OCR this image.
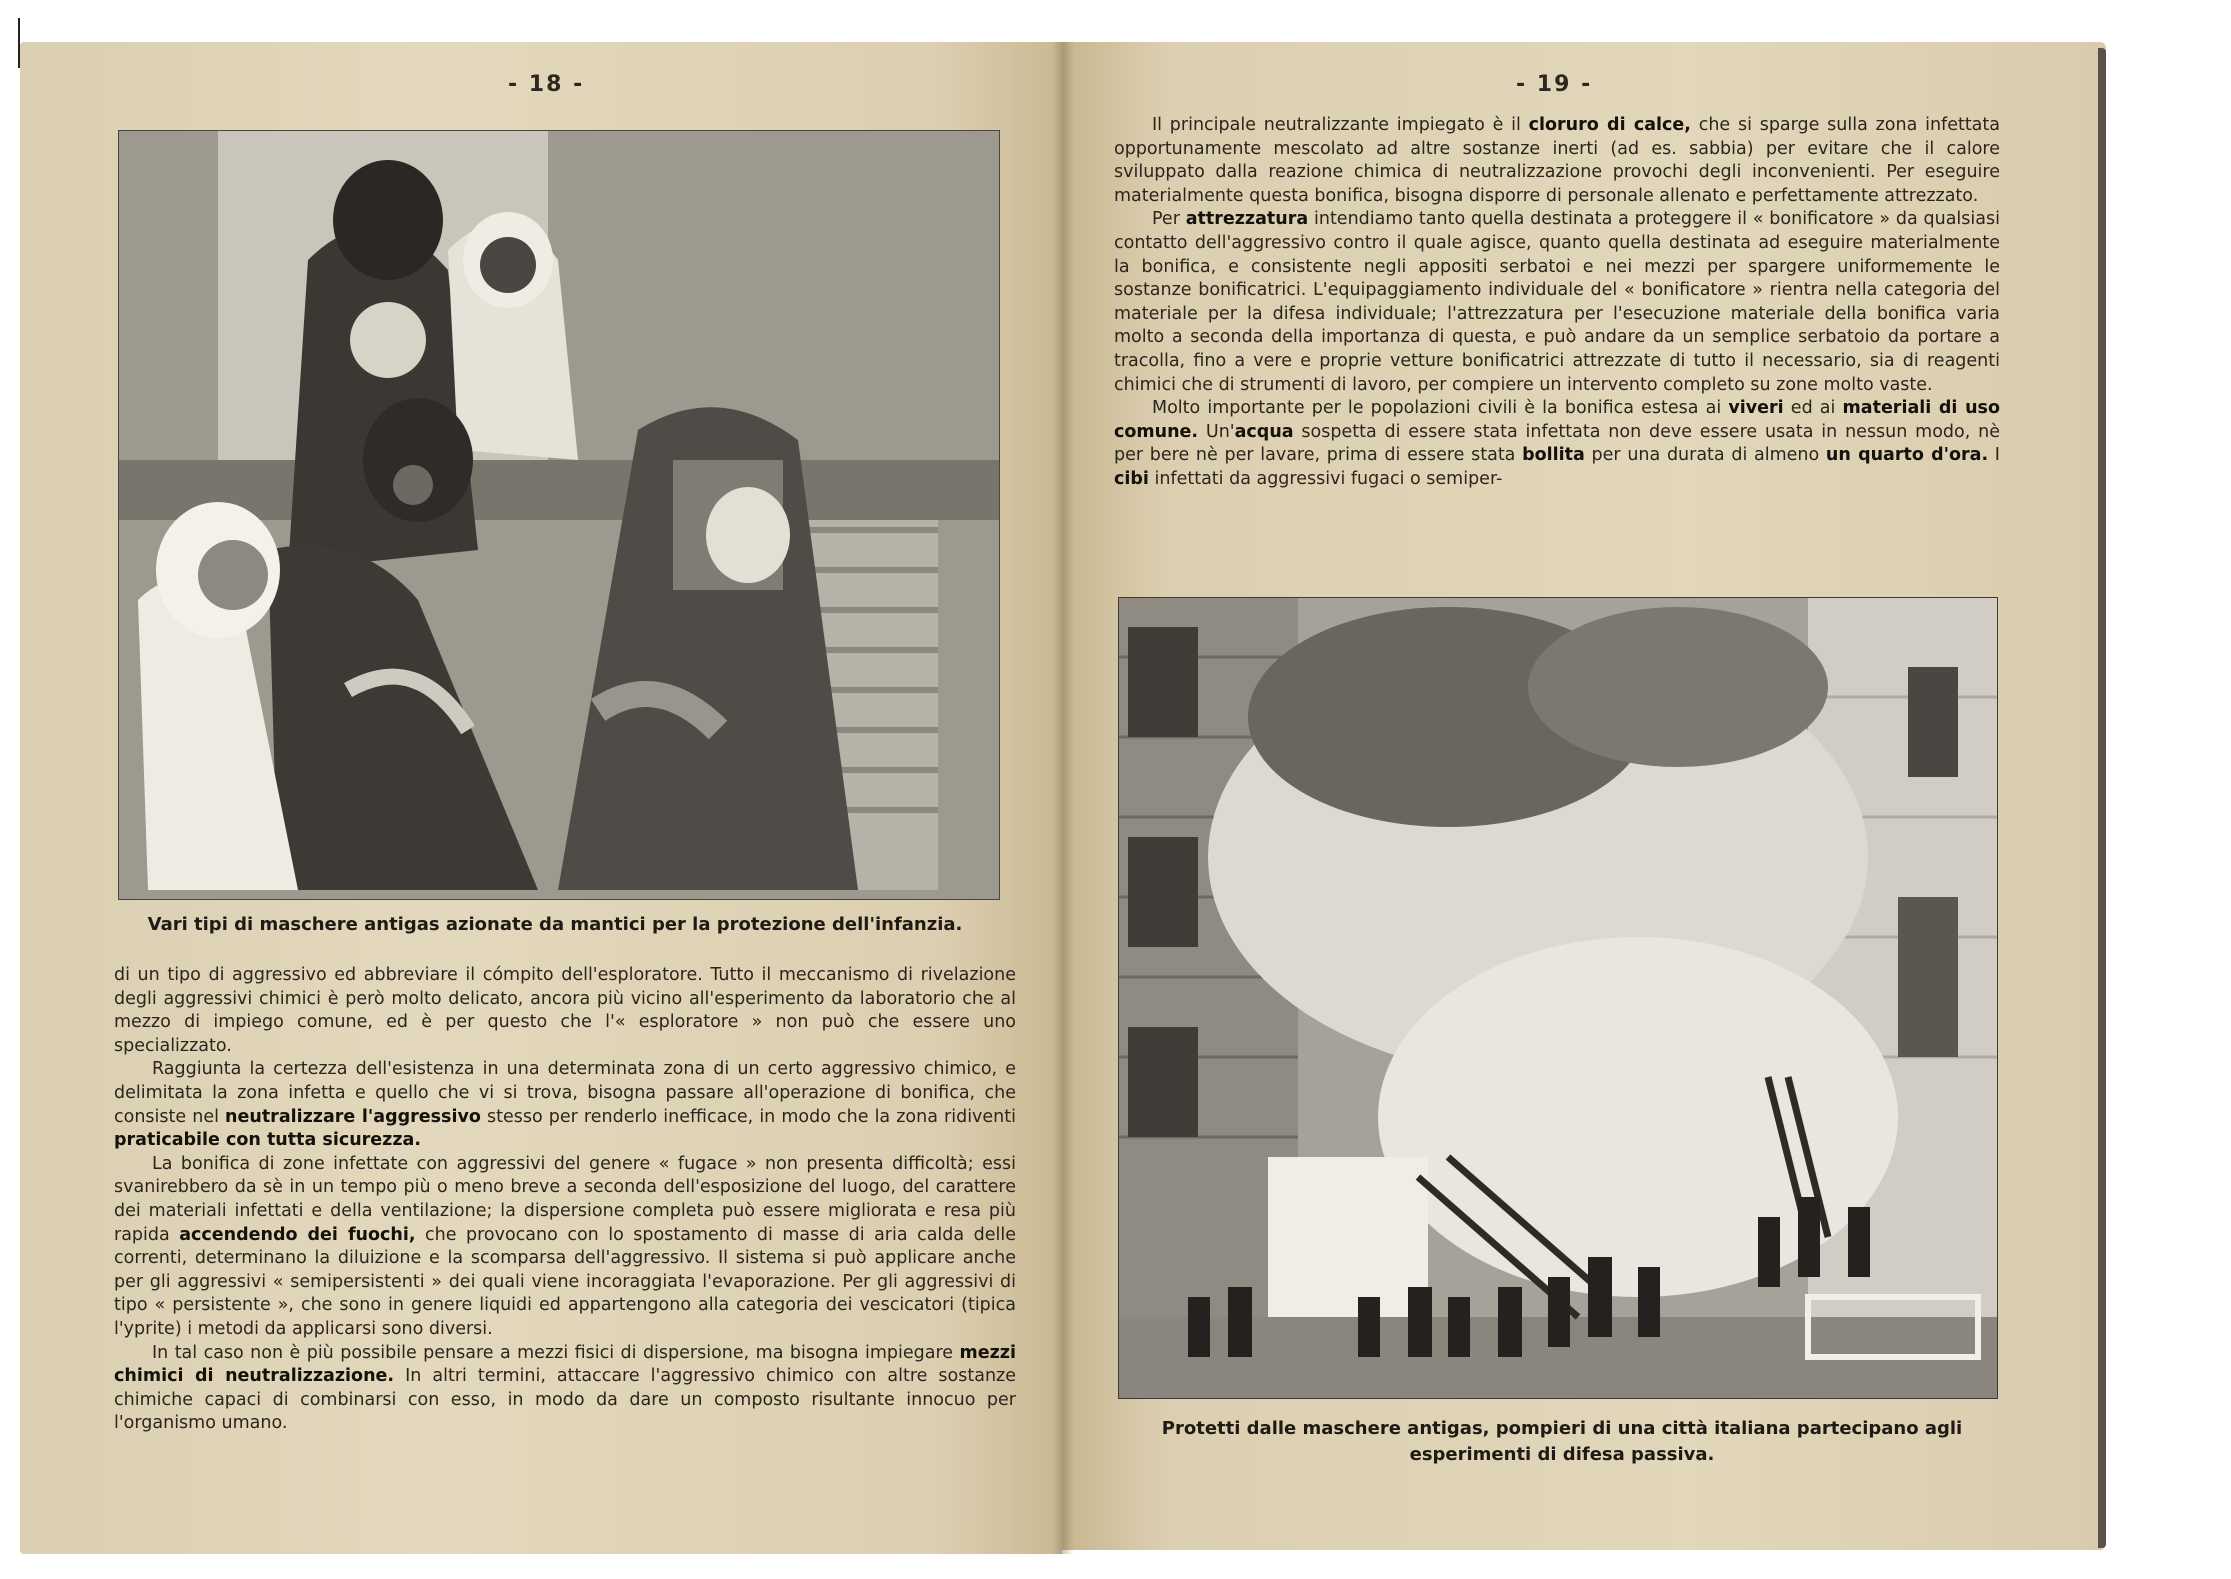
- 18 -
Vari tipi di maschere antigas azionate da mantici per la protezione dell'infanzia.

di un tipo di aggressivo ed abbreviare il cómpito dell'esploratore. Tutto il meccanismo di rivelazione degli aggressivi chimici è però molto delicato, ancora più vicino all'esperimento da laboratorio che al mezzo di impiego comune, ed è per questo che l'« esploratore » non può che essere uno specializzato.

Raggiunta la certezza dell'esistenza in una determinata zona di un certo aggressivo chimico, e delimitata la zona infetta e quello che vi si trova, bisogna passare all'operazione di bonifica, che consiste nel neutralizzare l'aggressivo stesso per renderlo inefficace, in modo che la zona ridiventi praticabile con tutta sicurezza.

La bonifica di zone infettate con aggressivi del genere « fugace » non presenta difficoltà; essi svanirebbero da sè in un tempo più o meno breve a seconda dell'esposizione del luogo, del carattere dei materiali infettati e della ventilazione; la dispersione completa può essere migliorata e resa più rapida accendendo dei fuochi, che provocano con lo spostamento di masse di aria calda delle correnti, determinano la diluizione e la scomparsa dell'aggressivo. Il sistema si può applicare anche per gli aggressivi « semipersistenti » dei quali viene incoraggiata l'evaporazione. Per gli aggressivi di tipo « persistente », che sono in genere liquidi ed appartengono alla categoria dei vescicatori (tipica l'yprite) i metodi da applicarsi sono diversi.

In tal caso non è più possibile pensare a mezzi fisici di dispersione, ma bisogna impiegare mezzi chimici di neutralizzazione. In altri termini, attaccare l'aggressivo chimico con altre sostanze chimiche capaci di combinarsi con esso, in modo da dare un composto risultante innocuo per l'organismo umano.

- 19 -

Il principale neutralizzante impiegato è il cloruro di calce, che si sparge sulla zona infettata opportunamente mescolato ad altre sostanze inerti (ad es. sabbia) per evitare che il calore sviluppato dalla reazione chimica di neutralizzazione provochi degli inconvenienti. Per eseguire materialmente questa bonifica, bisogna disporre di personale allenato e perfettamente attrezzato.

Per attrezzatura intendiamo tanto quella destinata a proteggere il « bonificatore » da qualsiasi contatto dell'aggressivo contro il quale agisce, quanto quella destinata ad eseguire materialmente la bonifica, e consistente negli appositi serbatoi e nei mezzi per spargere uniformemente le sostanze bonificatrici. L'equipaggiamento individuale del « bonificatore » rientra nella categoria del materiale per la difesa individuale; l'attrezzatura per l'esecuzione materiale della bonifica varia molto a seconda della importanza di questa, e può andare da un semplice serbatoio da portare a tracolla, fino a vere e proprie vetture bonificatrici attrezzate di tutto il necessario, sia di reagenti chimici che di strumenti di lavoro, per compiere un intervento completo su zone molto vaste.

Molto importante per le popolazioni civili è la bonifica estesa ai viveri ed ai materiali di uso comune. Un'acqua sospetta di essere stata infettata non deve essere usata in nessun modo, nè per bere nè per lavare, prima di essere stata bollita per una durata di almeno un quarto d'ora. I cibi infettati da aggressivi fugaci o semiper-

Protetti dalle maschere antigas, pompieri di una città italiana partecipano agli esperimenti di difesa passiva.
